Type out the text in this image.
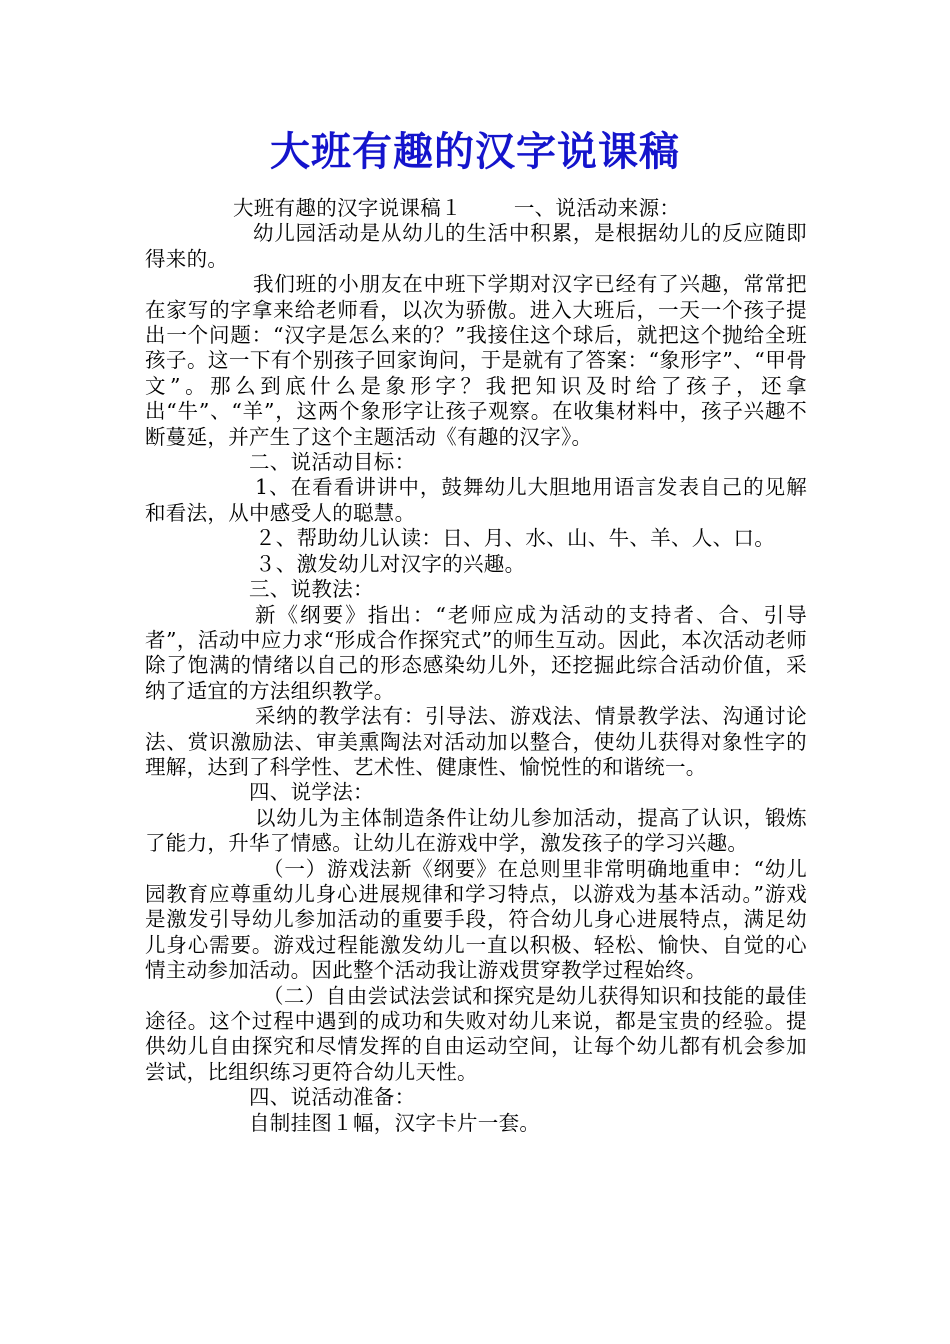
大班有趣的汉字说课稿

大班有趣的汉字说课稿１	一、说活动来源：

幼儿园活动是从幼儿的生活中积累，是根据幼儿的反应随即得来的。

我们班的小朋友在中班下学期对汉字已经有了兴趣，常常把在家写的字拿来给老师看，以次为骄傲。进入大班后，一天一个孩子提出一个问题：“汉字是怎么来的？”我接住这个球后，就把这个抛给全班孩子。这一下有个别孩子回家询问，于是就有了答案：“象形字”、“甲骨文”。那么到底什么是象形字？我把知识及时给了孩子，还拿出“牛”、“羊”，这两个象形字让孩子观察。在收集材料中，孩子兴趣不断蔓延，并产生了这个主题活动《有趣的汉字》。

二、说活动目标：

1、在看看讲讲中，鼓舞幼儿大胆地用语言发表自己的见解和看法，从中感受人的聪慧。

２、帮助幼儿认读：日、月、水、山、牛、羊、人、口。

３、激发幼儿对汉字的兴趣。

三、说教法：

新《纲要》指出：“老师应成为活动的支持者、合、引导者”，活动中应力求“形成合作探究式”的师生互动。因此，本次活动老师除了饱满的情绪以自己的形态感染幼儿外，还挖掘此综合活动价值，采纳了适宜的方法组织教学。

采纳的教学法有：引导法、游戏法、情景教学法、沟通讨论法、赏识激励法、审美熏陶法对活动加以整合，使幼儿获得对象性字的理解，达到了科学性、艺术性、健康性、愉悦性的和谐统一。

四、说学法：

以幼儿为主体制造条件让幼儿参加活动，提高了认识，锻炼了能力，升华了情感。让幼儿在游戏中学，激发孩子的学习兴趣。

（一）游戏法新《纲要》在总则里非常明确地重申：“幼儿园教育应尊重幼儿身心进展规律和学习特点，以游戏为基本活动。”游戏是激发引导幼儿参加活动的重要手段，符合幼儿身心进展特点，满足幼儿身心需要。游戏过程能激发幼儿一直以积极、轻松、愉快、自觉的心情主动参加活动。因此整个活动我让游戏贯穿教学过程始终。

（二）自由尝试法尝试和探究是幼儿获得知识和技能的最佳途径。这个过程中遇到的成功和失败对幼儿来说，都是宝贵的经验。提供幼儿自由探究和尽情发挥的自由运动空间，让每个幼儿都有机会参加尝试，比组织练习更符合幼儿天性。

四、说活动准备：

自制挂图１幅，汉字卡片一套。
